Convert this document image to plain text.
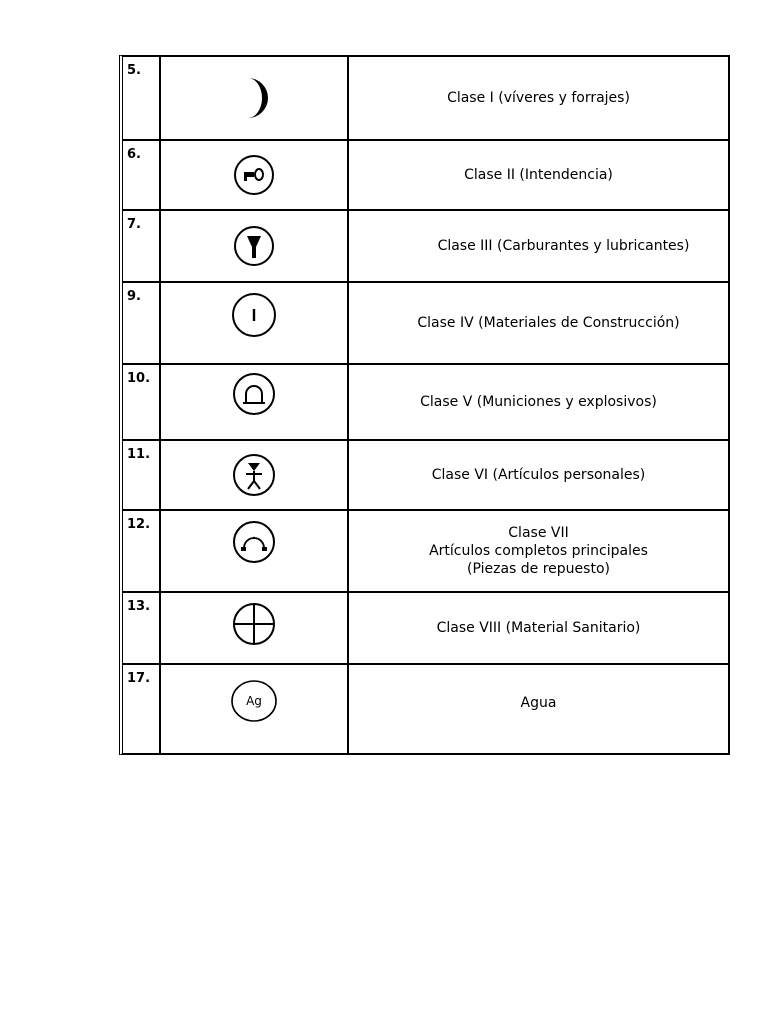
5.
Clase I (víveres y forrajes)
6.
Clase II (Intendencia)
7.
Clase III (Carburantes y lubricantes)
9.
Clase IV (Materiales de Construcción)
10.
Clase V (Municiones y explosivos)
11.
Clase VI (Artículos personales)
12.
Clase VII
Artículos completos principales
(Piezas de repuesto)
13.
Clase VIII (Material Sanitario)
17.
Ag	Agua
